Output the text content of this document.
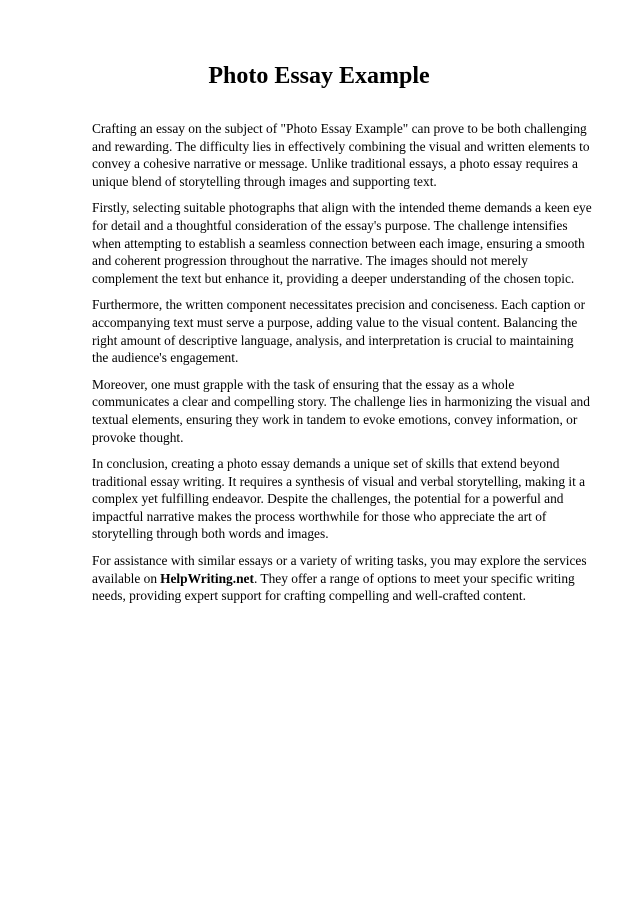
Photo Essay Example

Crafting an essay on the subject of "Photo Essay Example" can prove to be both challenging and rewarding. The difficulty lies in effectively combining the visual and written elements to convey a cohesive narrative or message. Unlike traditional essays, a photo essay requires a unique blend of storytelling through images and supporting text.

Firstly, selecting suitable photographs that align with the intended theme demands a keen eye for detail and a thoughtful consideration of the essay's purpose. The challenge intensifies when attempting to establish a seamless connection between each image, ensuring a smooth and coherent progression throughout the narrative. The images should not merely complement the text but enhance it, providing a deeper understanding of the chosen topic.

Furthermore, the written component necessitates precision and conciseness. Each caption or accompanying text must serve a purpose, adding value to the visual content. Balancing the right amount of descriptive language, analysis, and interpretation is crucial to maintaining the audience's engagement.

Moreover, one must grapple with the task of ensuring that the essay as a whole communicates a clear and compelling story. The challenge lies in harmonizing the visual and textual elements, ensuring they work in tandem to evoke emotions, convey information, or provoke thought.

In conclusion, creating a photo essay demands a unique set of skills that extend beyond traditional essay writing. It requires a synthesis of visual and verbal storytelling, making it a complex yet fulfilling endeavor. Despite the challenges, the potential for a powerful and impactful narrative makes the process worthwhile for those who appreciate the art of storytelling through both words and images.

For assistance with similar essays or a variety of writing tasks, you may explore the services available on HelpWriting.net. They offer a range of options to meet your specific writing needs, providing expert support for crafting compelling and well-crafted content.
